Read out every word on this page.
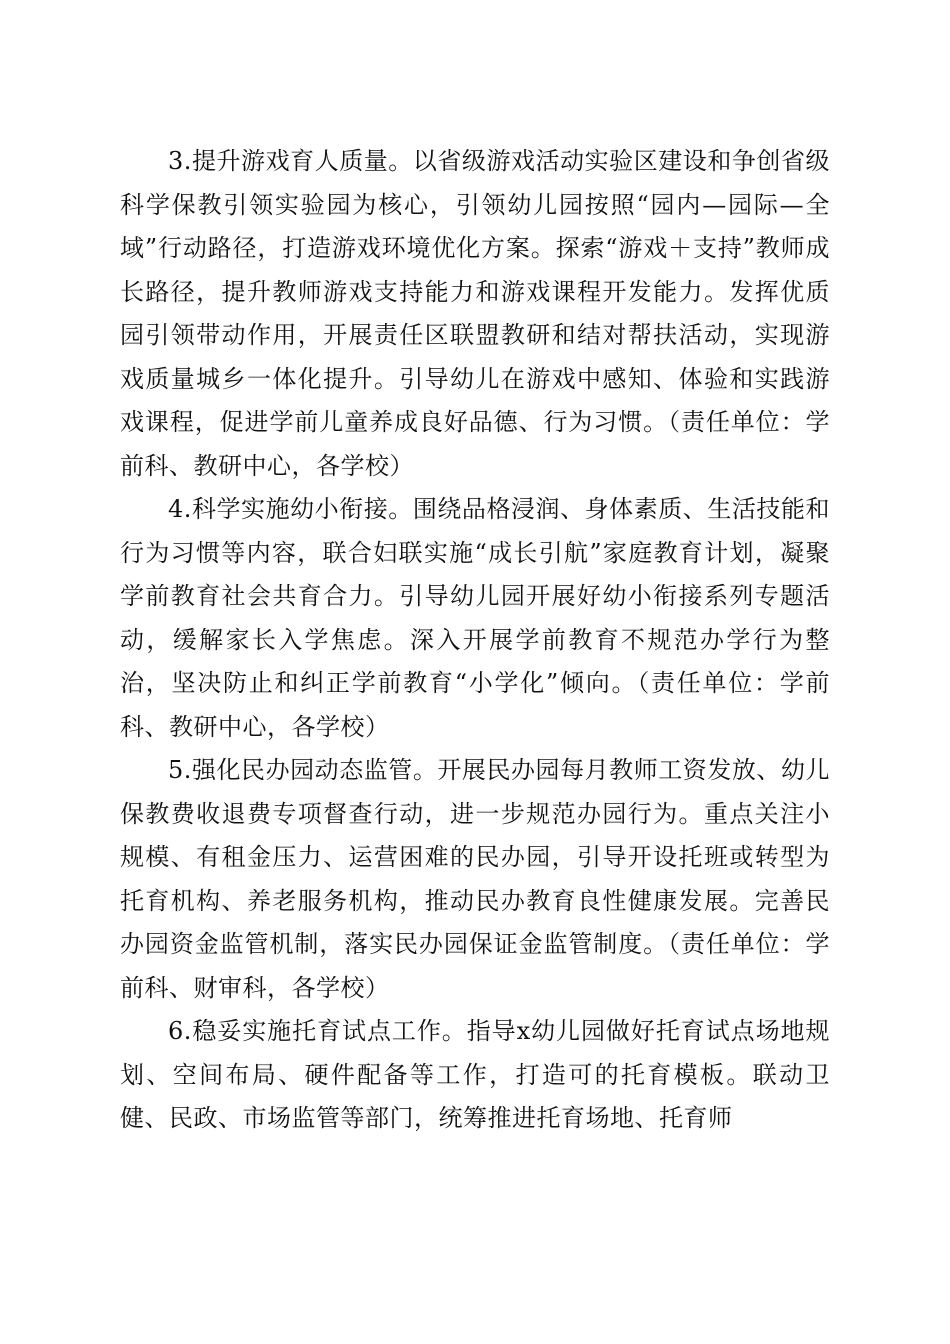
3.提升游戏育人质量。以省级游戏活动实验区建设和争创省级科学保教引领实验园为核心，引领幼儿园按照“园内—园际—全域”行动路径，打造游戏环境优化方案。探索“游戏＋支持”教师成长路径，提升教师游戏支持能力和游戏课程开发能力。发挥优质园引领带动作用，开展责任区联盟教研和结对帮扶活动，实现游戏质量城乡一体化提升。引导幼儿在游戏中感知、体验和实践游戏课程，促进学前儿童养成良好品德、行为习惯。（责任单位：学前科、教研中心，各学校）

4.科学实施幼小衔接。围绕品格浸润、身体素质、生活技能和行为习惯等内容，联合妇联实施“成长引航”家庭教育计划，凝聚学前教育社会共育合力。引导幼儿园开展好幼小衔接系列专题活动，缓解家长入学焦虑。深入开展学前教育不规范办学行为整治，坚决防止和纠正学前教育“小学化”倾向。（责任单位：学前科、教研中心，各学校）

5.强化民办园动态监管。开展民办园每月教师工资发放、幼儿保教费收退费专项督查行动，进一步规范办园行为。重点关注小规模、有租金压力、运营困难的民办园，引导开设托班或转型为托育机构、养老服务机构，推动民办教育良性健康发展。完善民办园资金监管机制，落实民办园保证金监管制度。（责任单位：学前科、财审科，各学校）

6.稳妥实施托育试点工作。指导x幼儿园做好托育试点场地规划、空间布局、硬件配备等工作，打造可的托育模板。联动卫健、民政、市场监管等部门，统筹推进托育场地、托育师
